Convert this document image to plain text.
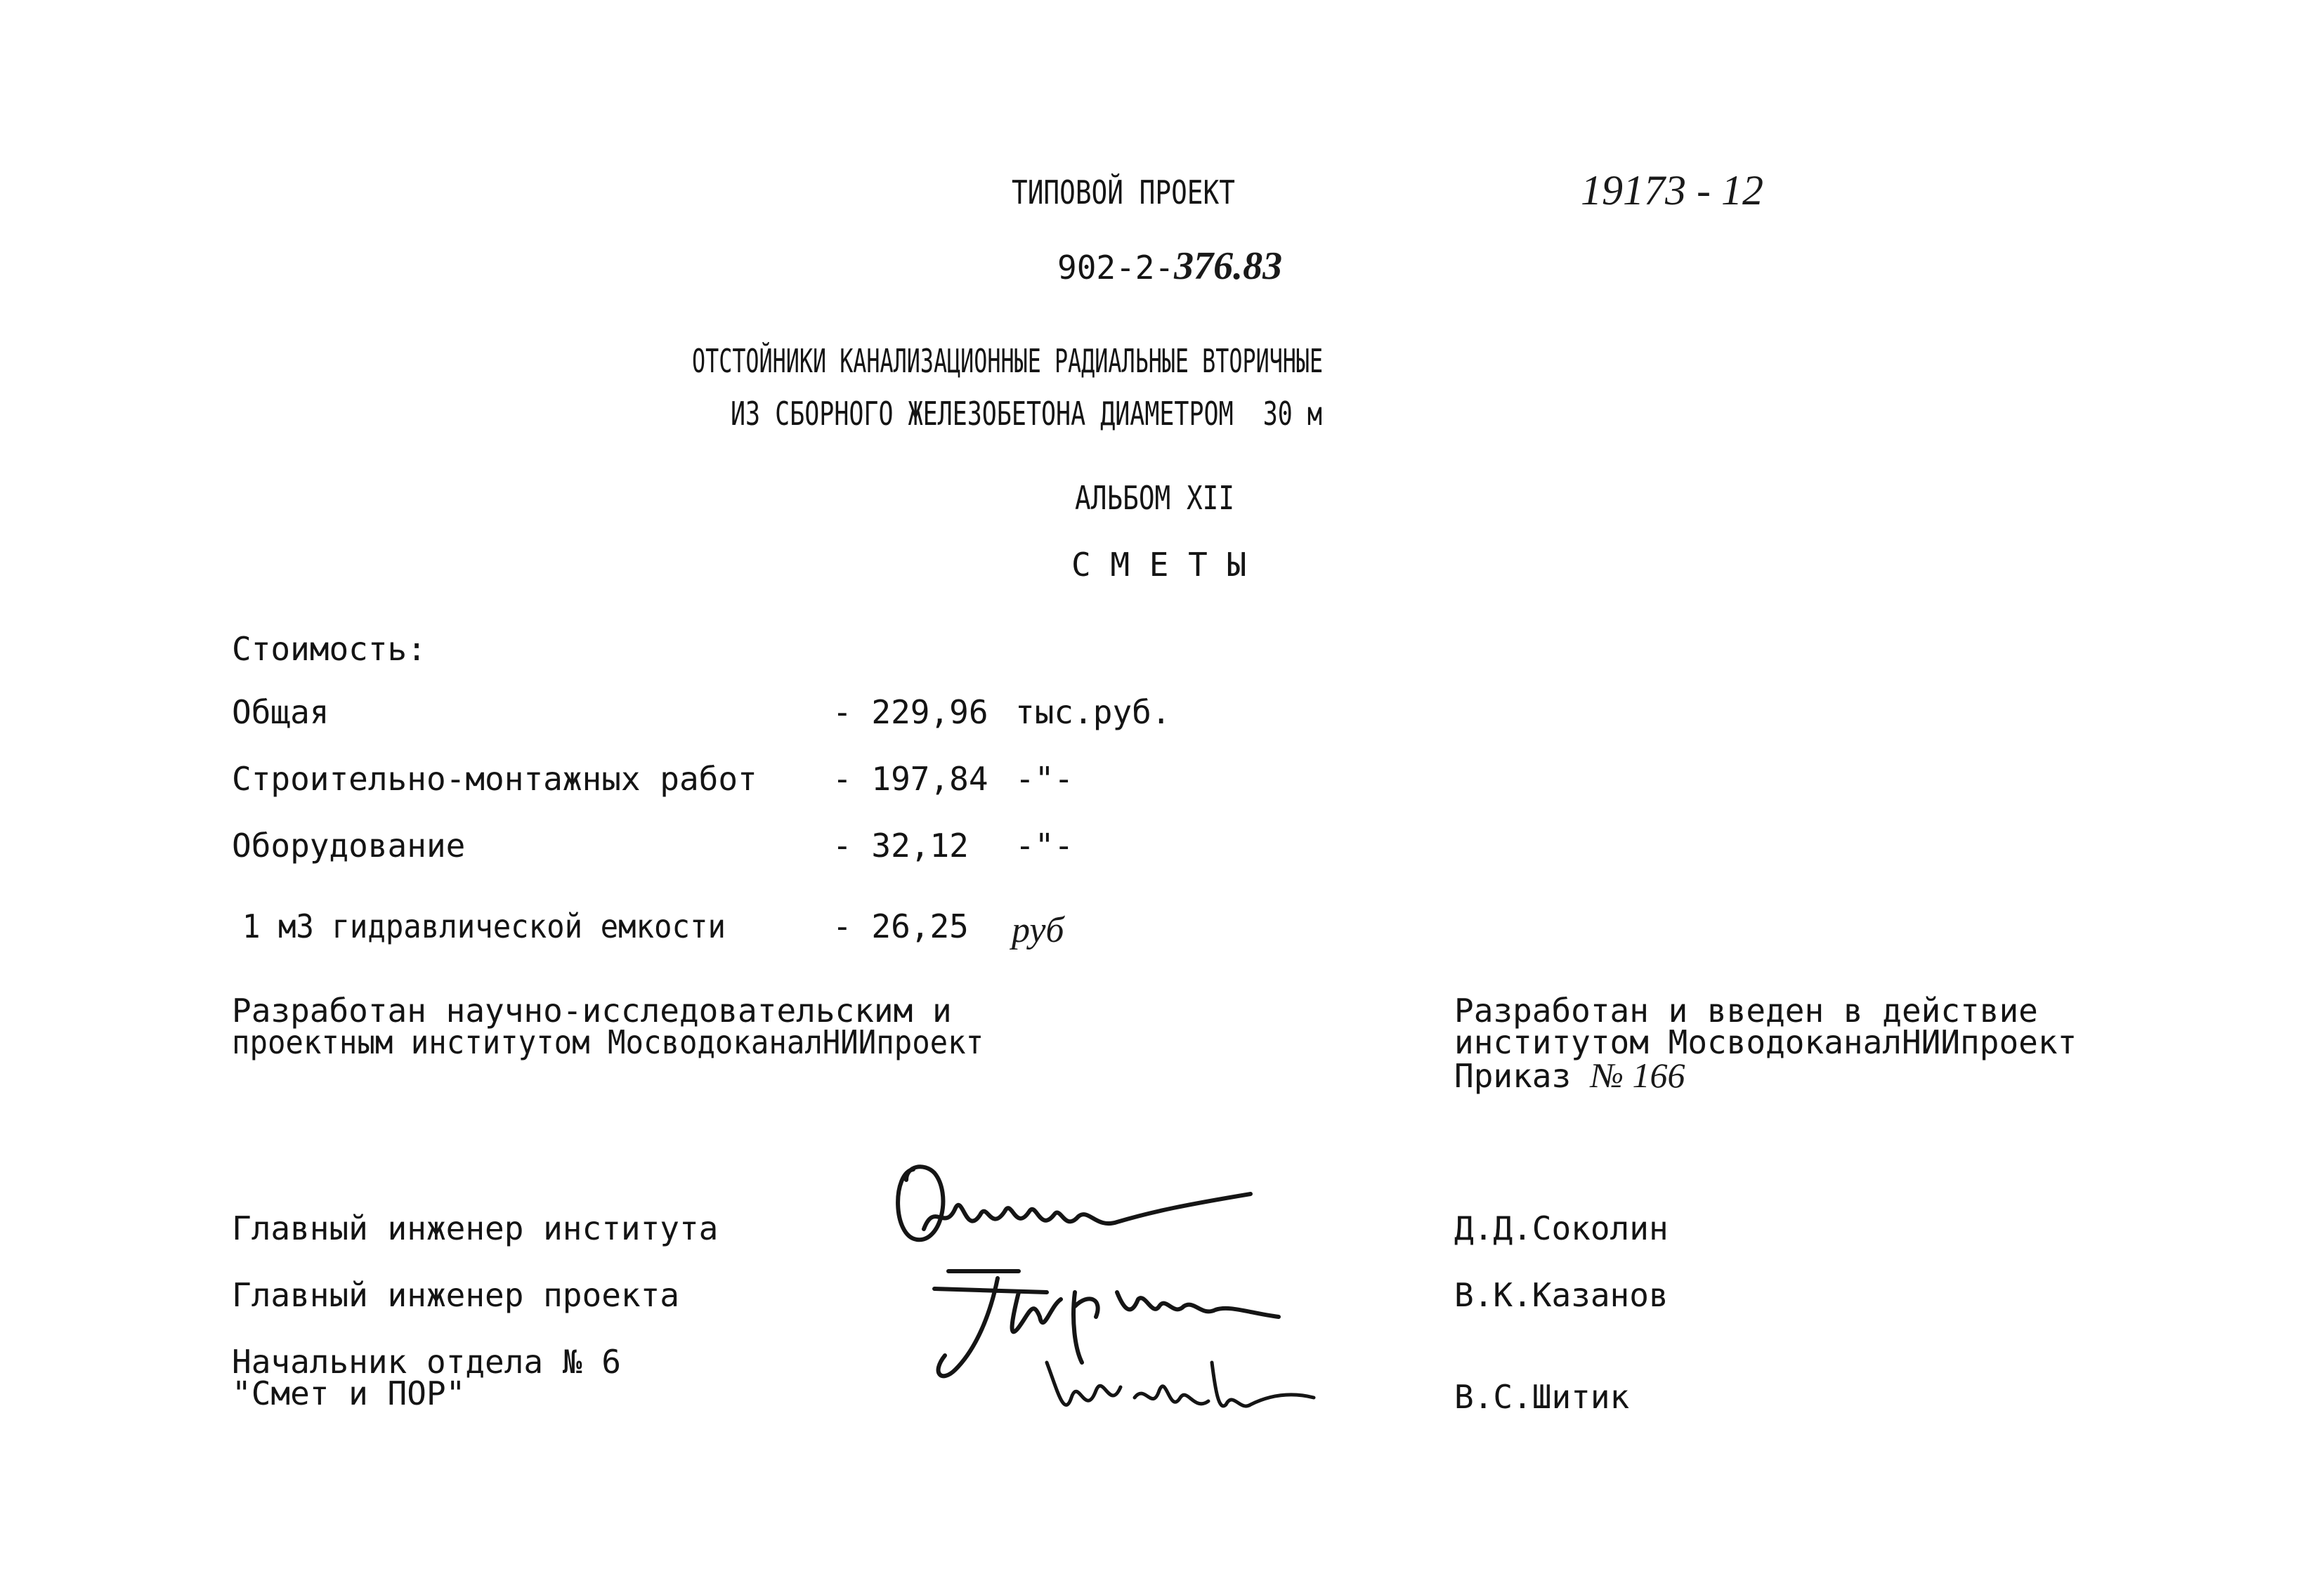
ТИПОВОЙ ПРОЕКТ	19173 - 12
902-2-376.83
ОТСТОЙНИКИ КАНАЛИЗАЦИОННЫЕ РАДИАЛЬНЫЕ ВТОРИЧНЫЕ
ИЗ СБОРНОГО ЖЕЛЕЗОБЕТОНА ДИАМЕТРОМ  30 м
АЛЬБОМ XII
С М Е Т Ы
Стоимость:
Общая	- 229,96 тыс.руб.
Строительно-монтажных работ - 197,84 -"-
Оборудование	- 32,12 -"-
1 м3 гидравлической емкости	- 26,25 руб
Разработан научно-исследовательским и
проектным институтом МосводоканалНИИпроект
Разработан и введен в действие
институтом МосводоканалНИИпроект
Приказ № 166
Главный инженер института	Д.Д.Соколин
Главный инженер проекта	В.К.Казанов
Начальник отдела № 6
"Смет и ПОР"	В.С.Шитик
